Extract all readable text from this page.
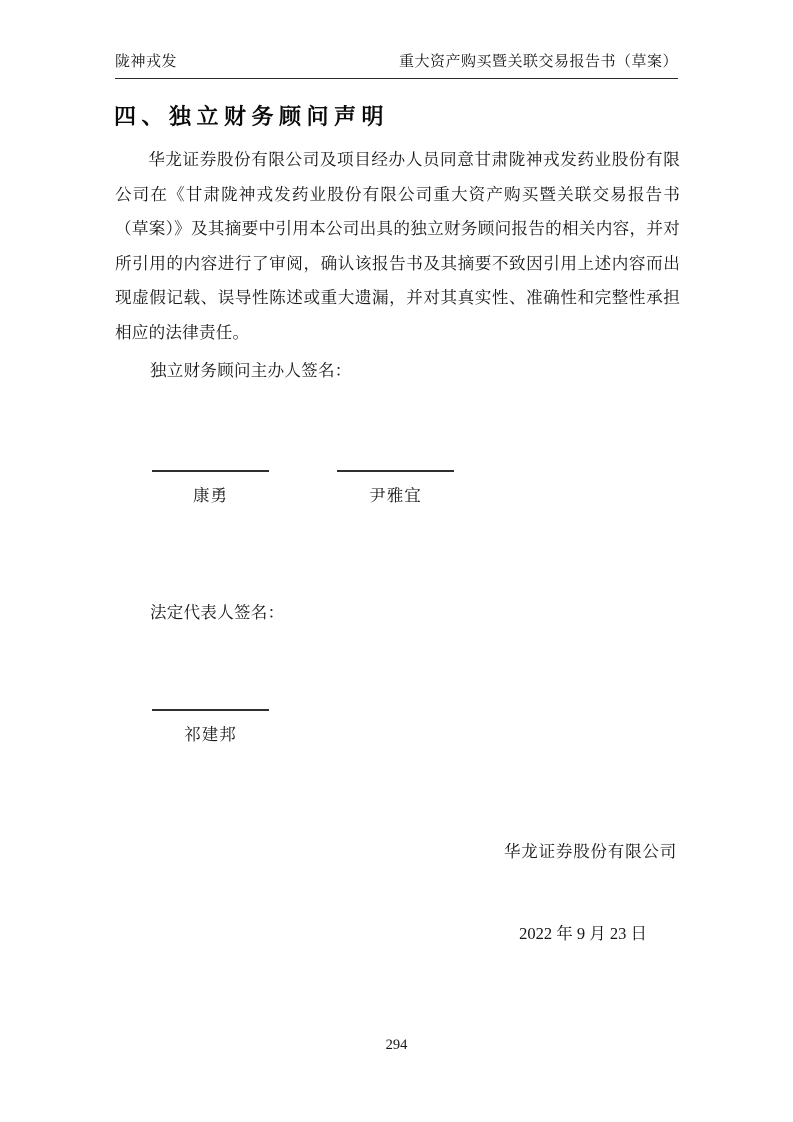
陇神戎发	重大资产购买暨关联交易报告书（草案）
四、独立财务顾问声明

华龙证券股份有限公司及项目经办人员同意甘肃陇神戎发药业股份有限公司在《甘肃陇神戎发药业股份有限公司重大资产购买暨关联交易报告书（草案）》及其摘要中引用本公司出具的独立财务顾问报告的相关内容，并对所引用的内容进行了审阅，确认该报告书及其摘要不致因引用上述内容而出现虚假记载、误导性陈述或重大遗漏，并对其真实性、准确性和完整性承担相应的法律责任。

独立财务顾问主办人签名：
康勇	尹雅宜
法定代表人签名：
祁建邦
华龙证券股份有限公司
2022 年 9 月 23 日
294
